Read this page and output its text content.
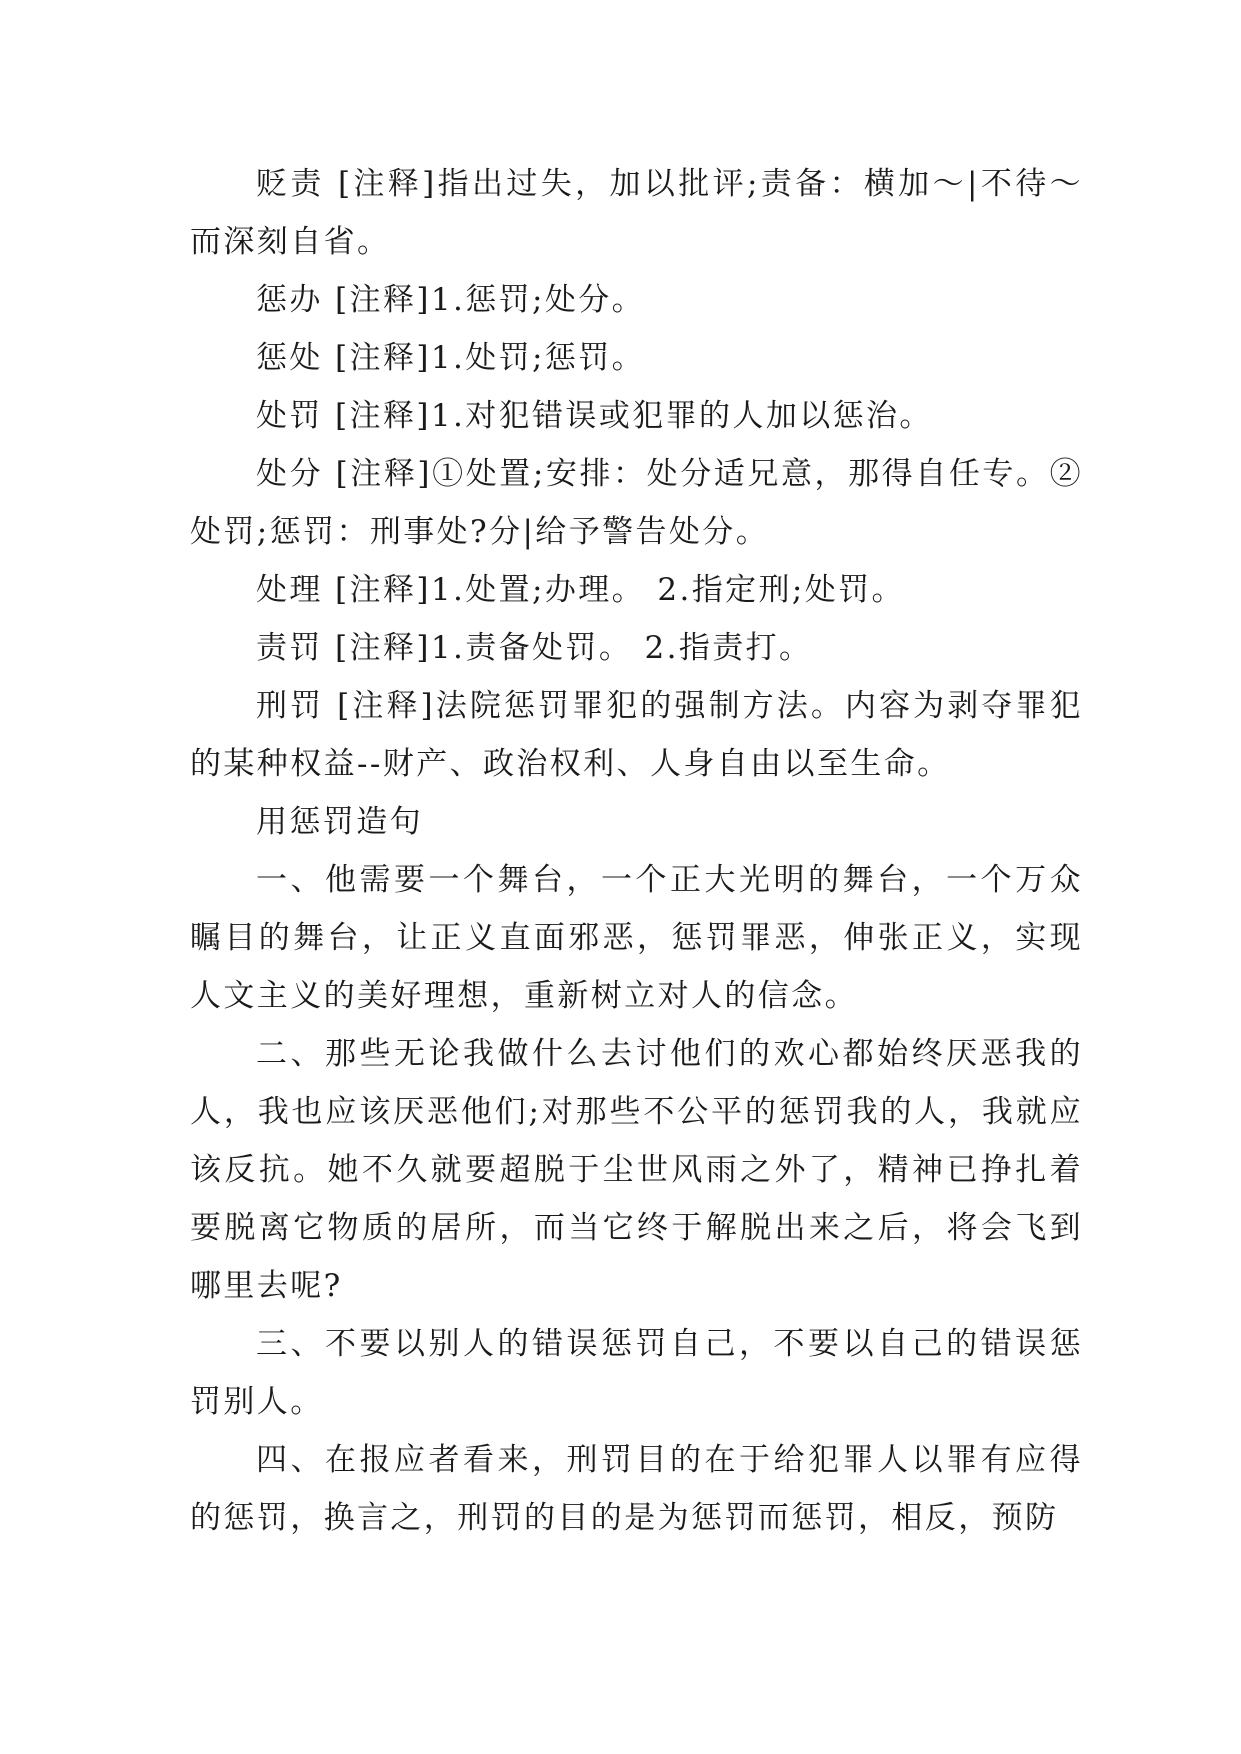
贬责 [注释]指出过失，加以批评;责备：横加～|不待～而深刻自省。

惩办 [注释]1.惩罚;处分。

惩处 [注释]1.处罚;惩罚。

处罚 [注释]1.对犯错误或犯罪的人加以惩治。

处分 [注释]①处置;安排：处分适兄意，那得自任专。②处罚;惩罚：刑事处?分|给予警告处分。

处理 [注释]1.处置;办理。 2.指定刑;处罚。

责罚 [注释]1.责备处罚。 2.指责打。

刑罚 [注释]法院惩罚罪犯的强制方法。内容为剥夺罪犯的某种权益--财产、政治权利、人身自由以至生命。

用惩罚造句

一、他需要一个舞台，一个正大光明的舞台，一个万众瞩目的舞台，让正义直面邪恶，惩罚罪恶，伸张正义，实现人文主义的美好理想，重新树立对人的信念。

二、那些无论我做什么去讨他们的欢心都始终厌恶我的人，我也应该厌恶他们;对那些不公平的惩罚我的人，我就应该反抗。她不久就要超脱于尘世风雨之外了，精神已挣扎着要脱离它物质的居所，而当它终于解脱出来之后，将会飞到哪里去呢?

三、不要以别人的错误惩罚自己，不要以自己的错误惩罚别人。

四、在报应者看来，刑罚目的在于给犯罪人以罪有应得的惩罚，换言之，刑罚的目的是为惩罚而惩罚，相反，预防
